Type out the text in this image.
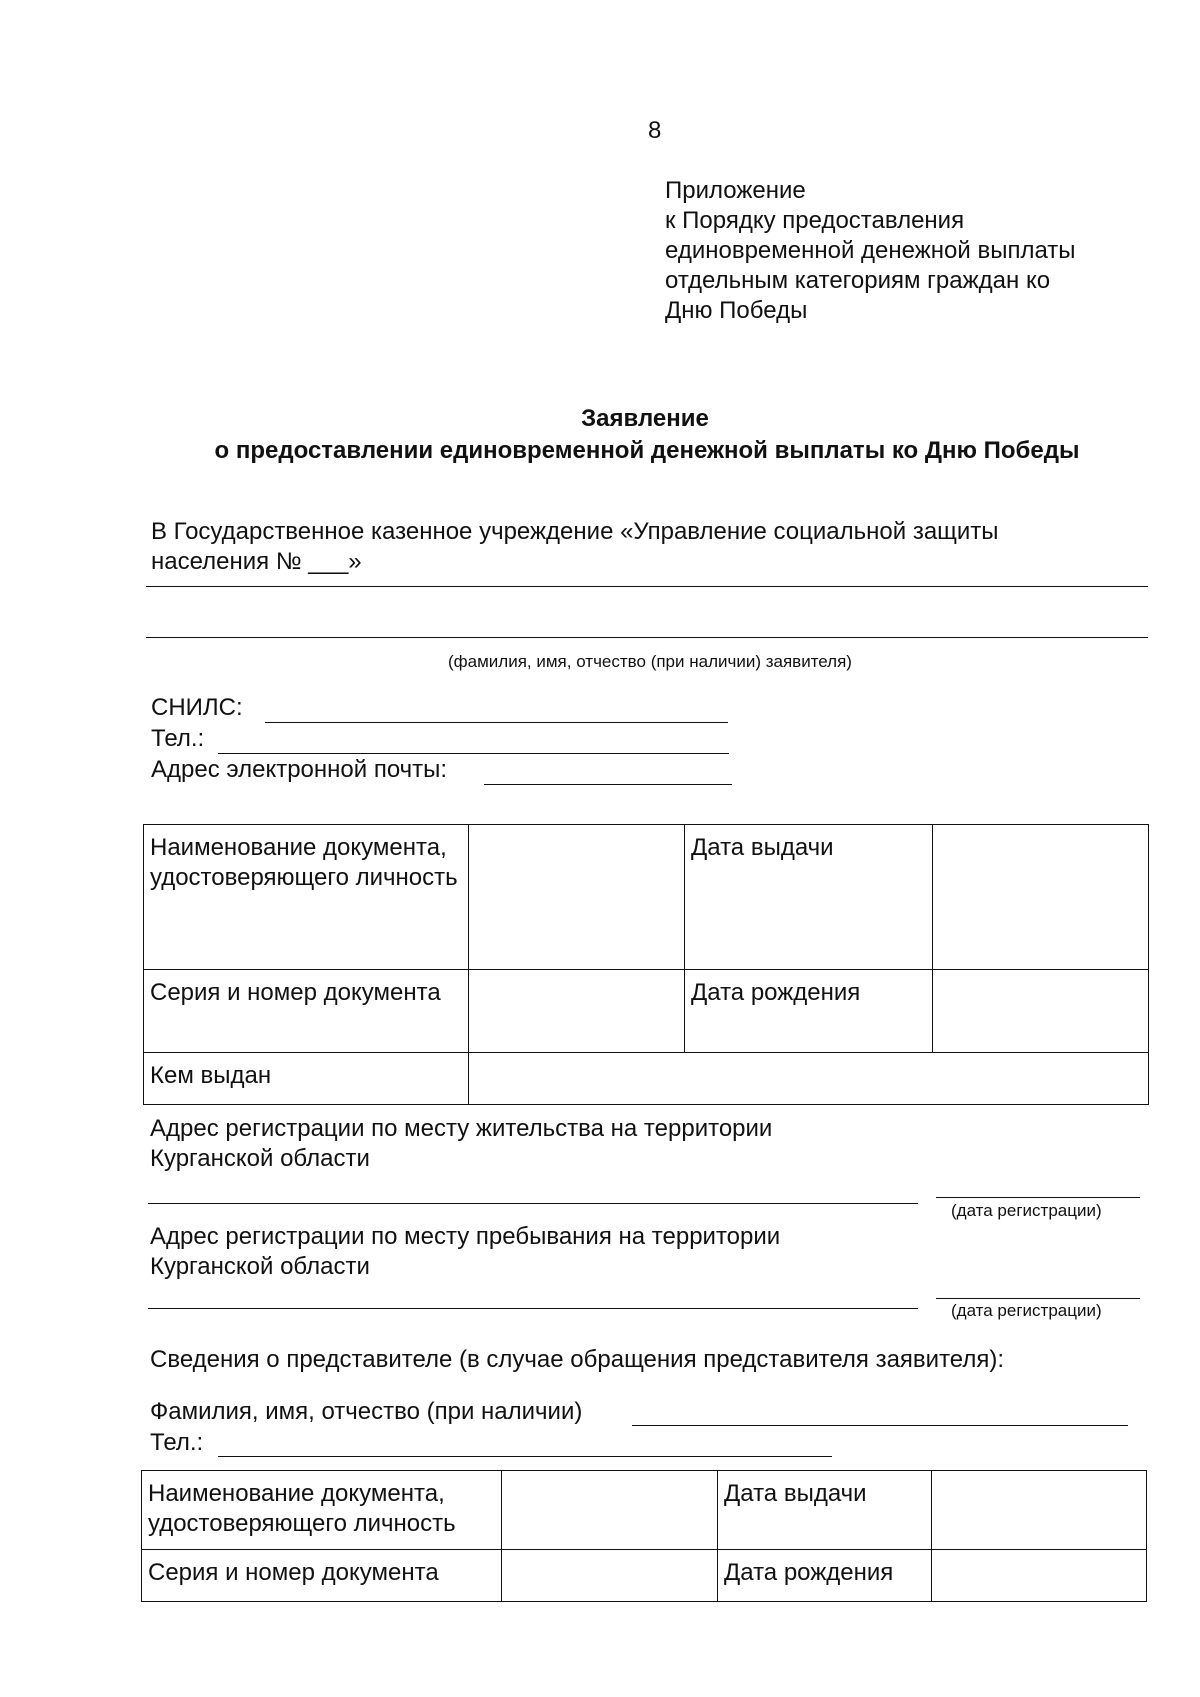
8
Приложение
к Порядку предоставления
единовременной денежной выплаты
отдельным категориям граждан ко
Дню Победы
Заявление
о предоставлении единовременной денежной выплаты ко Дню Победы
В Государственное казенное учреждение «Управление социальной защиты
населения № ___»
(фамилия, имя, отчество (при наличии) заявителя)
СНИЛС:
Тел.:
Адрес электронной почты:
Наименование документа, удостоверяющего личность		Дата выдачи	
Серия и номер документа		Дата рождения	
Кем выдан			
Адрес регистрации по месту жительства на территории
Курганской области
(дата регистрации)
Адрес регистрации по месту пребывания на территории
Курганской области
(дата регистрации)
Сведения о представителе (в случае обращения представителя заявителя):
Фамилия, имя, отчество (при наличии)
Тел.:
Наименование документа, удостоверяющего личность		Дата выдачи	
Серия и номер документа		Дата рождения	
